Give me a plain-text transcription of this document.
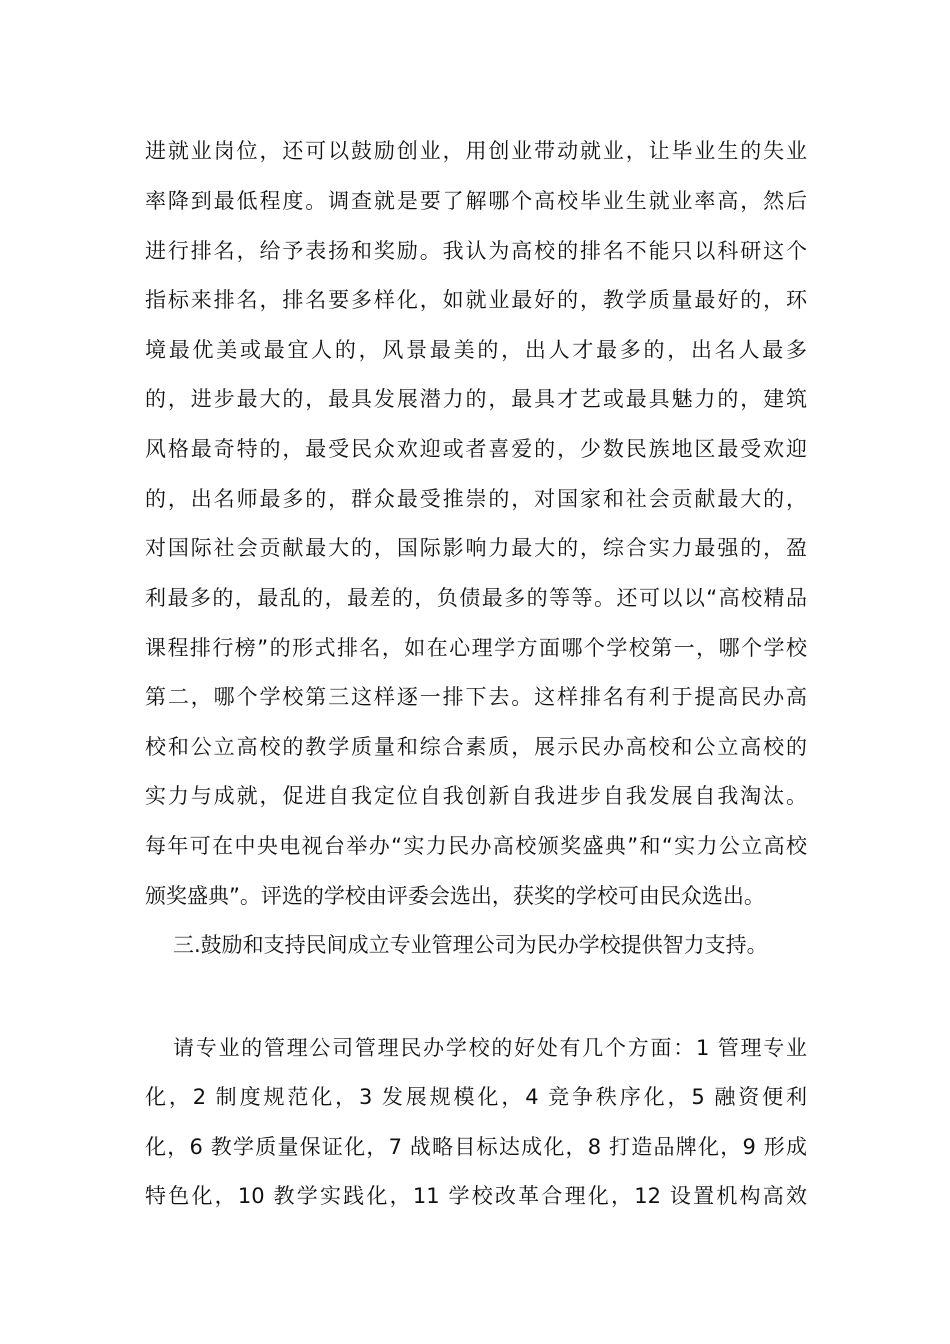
进就业岗位，还可以鼓励创业，用创业带动就业，让毕业生的失业
率降到最低程度。调查就是要了解哪个高校毕业生就业率高，然后
进行排名，给予表扬和奖励。我认为高校的排名不能只以科研这个
指标来排名，排名要多样化，如就业最好的，教学质量最好的，环
境最优美或最宜人的，风景最美的，出人才最多的，出名人最多
的，进步最大的，最具发展潜力的，最具才艺或最具魅力的，建筑
风格最奇特的，最受民众欢迎或者喜爱的，少数民族地区最受欢迎
的，出名师最多的，群众最受推崇的，对国家和社会贡献最大的，
对国际社会贡献最大的，国际影响力最大的，综合实力最强的，盈
利最多的，最乱的，最差的，负债最多的等等。还可以以“高校精品
课程排行榜”的形式排名，如在心理学方面哪个学校第一，哪个学校
第二，哪个学校第三这样逐一排下去。这样排名有利于提高民办高
校和公立高校的教学质量和综合素质，展示民办高校和公立高校的
实力与成就，促进自我定位自我创新自我进步自我发展自我淘汰。
每年可在中央电视台举办“实力民办高校颁奖盛典”和“实力公立高校
颁奖盛典”。评选的学校由评委会选出，获奖的学校可由民众选出。
三.鼓励和支持民间成立专业管理公司为民办学校提供智力支持。
请专业的管理公司管理民办学校的好处有几个方面：1 管理专业
化，2 制度规范化，3 发展规模化，4 竞争秩序化，5 融资便利
化，6 教学质量保证化，7 战略目标达成化，8 打造品牌化，9 形成
特色化，10 教学实践化，11 学校改革合理化，12 设置机构高效
